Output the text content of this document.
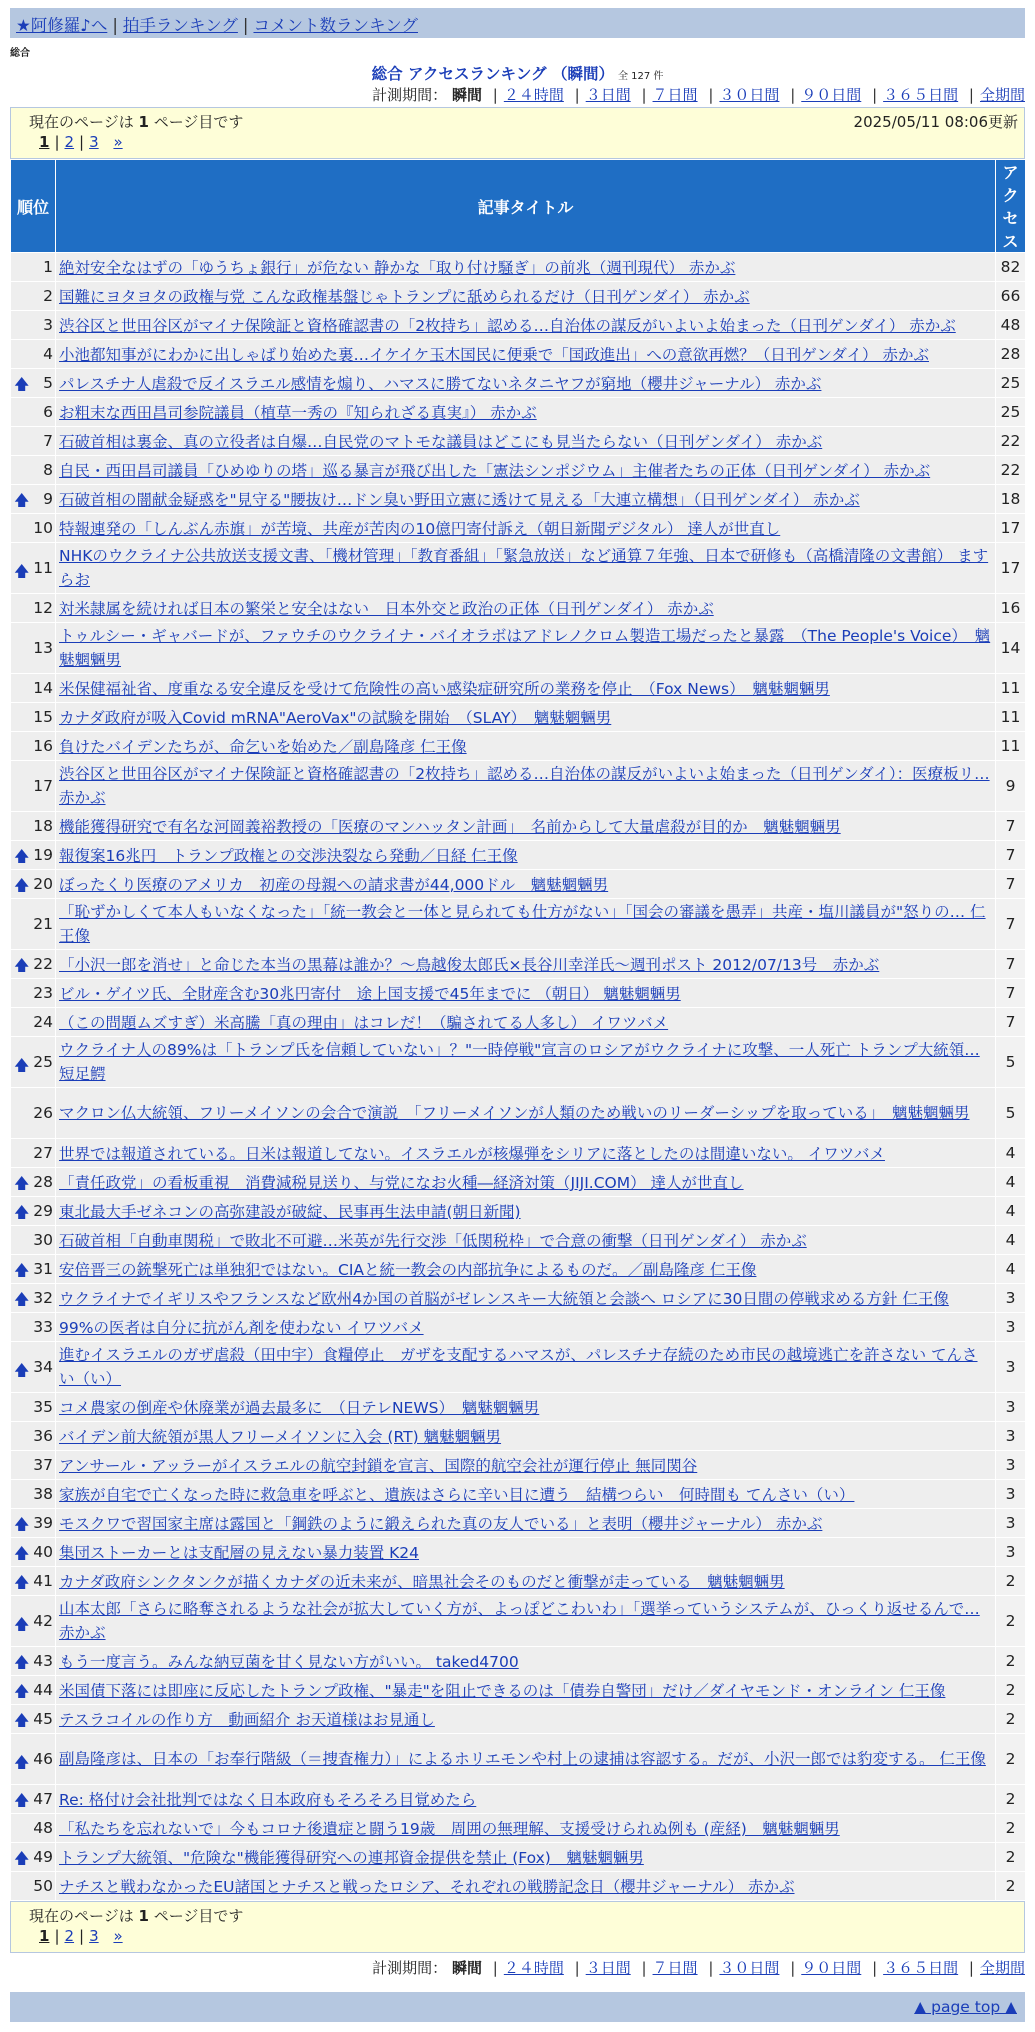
★阿修羅♪へ | 拍手ランキング | コメント数ランキング
総合
総合 アクセスランキング （瞬間） 全 127 件
計測期間： 瞬間 | ２４時間 | ３日間 | ７日間 | ３０日間 | ９０日間 | ３６５日間 | 全期間
現在のページは 1 ページ目です	2025/05/11 08:06更新
1 | 2 | 3 »
順位	記事タイトル	アクセス
1	絶対安全なはずの「ゆうちょ銀行」が危ない 静かな「取り付け騒ぎ」の前兆（週刊現代） 赤かぶ	82
2	国難にヨタヨタの政権与党 こんな政権基盤じゃトランプに舐められるだけ（日刊ゲンダイ） 赤かぶ	66
3	渋谷区と世田谷区がマイナ保険証と資格確認書の「2枚持ち」認める…自治体の謀反がいよいよ始まった（日刊ゲンダイ） 赤かぶ	48
4	小池都知事がにわかに出しゃばり始めた裏…イケイケ玉木国民に便乗で「国政進出」への意欲再燃？（日刊ゲンダイ） 赤かぶ	28

🡅 5	パレスチナ人虐殺で反イスラエル感情を煽り、ハマスに勝てないネタニヤフが窮地（櫻井ジャーナル） 赤かぶ	25
6	お粗末な西田昌司参院議員（植草一秀の『知られざる真実』） 赤かぶ	25
7	石破首相は裏金、真の立役者は自爆…自民党のマトモな議員はどこにも見当たらない（日刊ゲンダイ） 赤かぶ	22
8	自民・西田昌司議員「ひめゆりの塔」巡る暴言が飛び出した「憲法シンポジウム」主催者たちの正体（日刊ゲンダイ） 赤かぶ	22

🡅 9	石破首相の闇献金疑惑を"見守る"腰抜け…ドン臭い野田立憲に透けて見える「大連立構想」（日刊ゲンダイ） 赤かぶ	18
10	特報連発の「しんぶん赤旗」が苦境、共産が苦肉の10億円寄付訴え（朝日新聞デジタル） 達人が世直し	17

🡅 11	NHKのウクライナ公共放送支援文書、「機材管理」「教育番組」「緊急放送」など通算７年強、日本で研修も（高橋清隆の文書館） ますらお	17
12	対米隷属を続ければ日本の繁栄と安全はない　日本外交と政治の正体（日刊ゲンダイ） 赤かぶ	16
13	トゥルシー・ギャバードが、ファウチのウクライナ・バイオラボはアドレノクロム製造工場だったと暴露　（The People's Voice）　魑魅魍魎男	14
14	米保健福祉省、度重なる安全違反を受けて危険性の高い感染症研究所の業務を停止　（Fox News）　魑魅魍魎男	11
15	カナダ政府が吸入Covid mRNA"AeroVax"の試験を開始　（SLAY）　魑魅魍魎男	11
16	負けたバイデンたちが、命乞いを始めた／副島隆彦 仁王像	11
17	渋谷区と世田谷区がマイナ保険証と資格確認書の「2枚持ち」認める…自治体の謀反がいよいよ始まった（日刊ゲンダイ）：医療板リ… 赤かぶ	9
18	機能獲得研究で有名な河岡義裕教授の「医療のマンハッタン計画」　名前からして大量虐殺が目的か　魑魅魍魎男	7

🡅 19	報復案16兆円　トランプ政権との交渉決裂なら発動／日経 仁王像	7

🡅 20	ぼったくり医療のアメリカ　初産の母親への請求書が44,000ドル　魑魅魍魎男	7
21	「恥ずかしくて本人もいなくなった」「統一教会と一体と見られても仕方がない」「国会の審議を愚弄」共産・塩川議員が"怒りの… 仁王像	7

🡅 22	「小沢一郎を消せ」と命じた本当の黒幕は誰か？～鳥越俊太郎氏×長谷川幸洋氏～週刊ポスト 2012/07/13号　赤かぶ	7
23	ビル・ゲイツ氏、全財産含む30兆円寄付　途上国支援で45年までに （朝日） 魑魅魍魎男	7
24	（この問題ムズすぎ）米高騰「真の理由」はコレだ！（騙されてる人多し） イワツバメ	7

🡅 25	ウクライナ人の89%は「トランプ氏を信頼していない」？"一時停戦"宣言のロシアがウクライナに攻撃、一人死亡 トランプ大統領… 短足鰐	5
26	マクロン仏大統領、フリーメイソンの会合で演説　「フリーメイソンが人類のため戦いのリーダーシップを取っている」　魑魅魍魎男	5
27	世界では報道されている。日米は報道してない。イスラエルが核爆弾をシリアに落としたのは間違いない。 イワツバメ	4

🡅 28	「責任政党」の看板重視　消費減税見送り、与党になお火種―経済対策（JIJI.COM） 達人が世直し	4

🡅 29	東北最大手ゼネコンの高弥建設が破綻、民事再生法申請(朝日新聞)	4
30	石破首相「自動車関税」で敗北不可避…米英が先行交渉「低関税枠」で合意の衝撃（日刊ゲンダイ） 赤かぶ	4

🡅 31	安倍晋三の銃撃死亡は単独犯ではない。CIAと統一教会の内部抗争によるものだ。／副島隆彦 仁王像	4

🡅 32	ウクライナでイギリスやフランスなど欧州4か国の首脳がゼレンスキー大統領と会談へ ロシアに30日間の停戦求める方針 仁王像	3
33	99%の医者は自分に抗がん剤を使わない イワツバメ	3

🡅 34	進むイスラエルのガザ虐殺（田中宇）食糧停止　ガザを支配するハマスが、パレスチナ存続のため市民の越境逃亡を許さない てんさい（い）	3
35	コメ農家の倒産や休廃業が過去最多に　（日テレNEWS）　魑魅魍魎男	3
36	バイデン前大統領が黒人フリーメイソンに入会 (RT) 魑魅魍魎男	3
37	アンサール・アッラーがイスラエルの航空封鎖を宣言、国際的航空会社が運行停止 無同関谷	3
38	家族が自宅で亡くなった時に救急車を呼ぶと、遺族はさらに辛い目に遭う　結構つらい　何時間も てんさい（い）	3

🡅 39	モスクワで習国家主席は露国と「鋼鉄のように鍛えられた真の友人でいる」と表明（櫻井ジャーナル） 赤かぶ	3

🡅 40	集団ストーカーとは支配層の見えない暴力装置 K24	3

🡅 41	カナダ政府シンクタンクが描くカナダの近未来が、暗黒社会そのものだと衝撃が走っている　魑魅魍魎男	2

🡅 42	山本太郎「さらに略奪されるような社会が拡大していく方が、よっぽどこわいわ」「選挙っていうシステムが、ひっくり返せるんで… 赤かぶ	2

🡅 43	もう一度言う。みんな納豆菌を甘く見ない方がいい。 taked4700	2

🡅 44	米国債下落には即座に反応したトランプ政権、"暴走"を阻止できるのは「債券自警団」だけ／ダイヤモンド・オンライン 仁王像	2

🡅 45	テスラコイルの作り方　動画紹介 お天道様はお見通し	2

🡅 46	副島隆彦は、日本の「お奉行階級（＝捜査権力）」によるホリエモンや村上の逮捕は容認する。だが、小沢一郎では豹変する。 仁王像	2

🡅 47	Re: 格付け会社批判ではなく日本政府もそろそろ目覚めたら	2
48	「私たちを忘れないで」今もコロナ後遺症と闘う19歳　周囲の無理解、支援受けられぬ例も (産経)　魑魅魍魎男	2

🡅 49	トランプ大統領、"危険な"機能獲得研究への連邦資金提供を禁止 (Fox)　魑魅魍魎男	2
50	ナチスと戦わなかったEU諸国とナチスと戦ったロシア、それぞれの戦勝記念日（櫻井ジャーナル） 赤かぶ	2
現在のページは 1 ページ目です
1 | 2 | 3 »
計測期間： 瞬間 | ２４時間 | ３日間 | ７日間 | ３０日間 | ９０日間 | ３６５日間 | 全期間
▲ page top ▲
